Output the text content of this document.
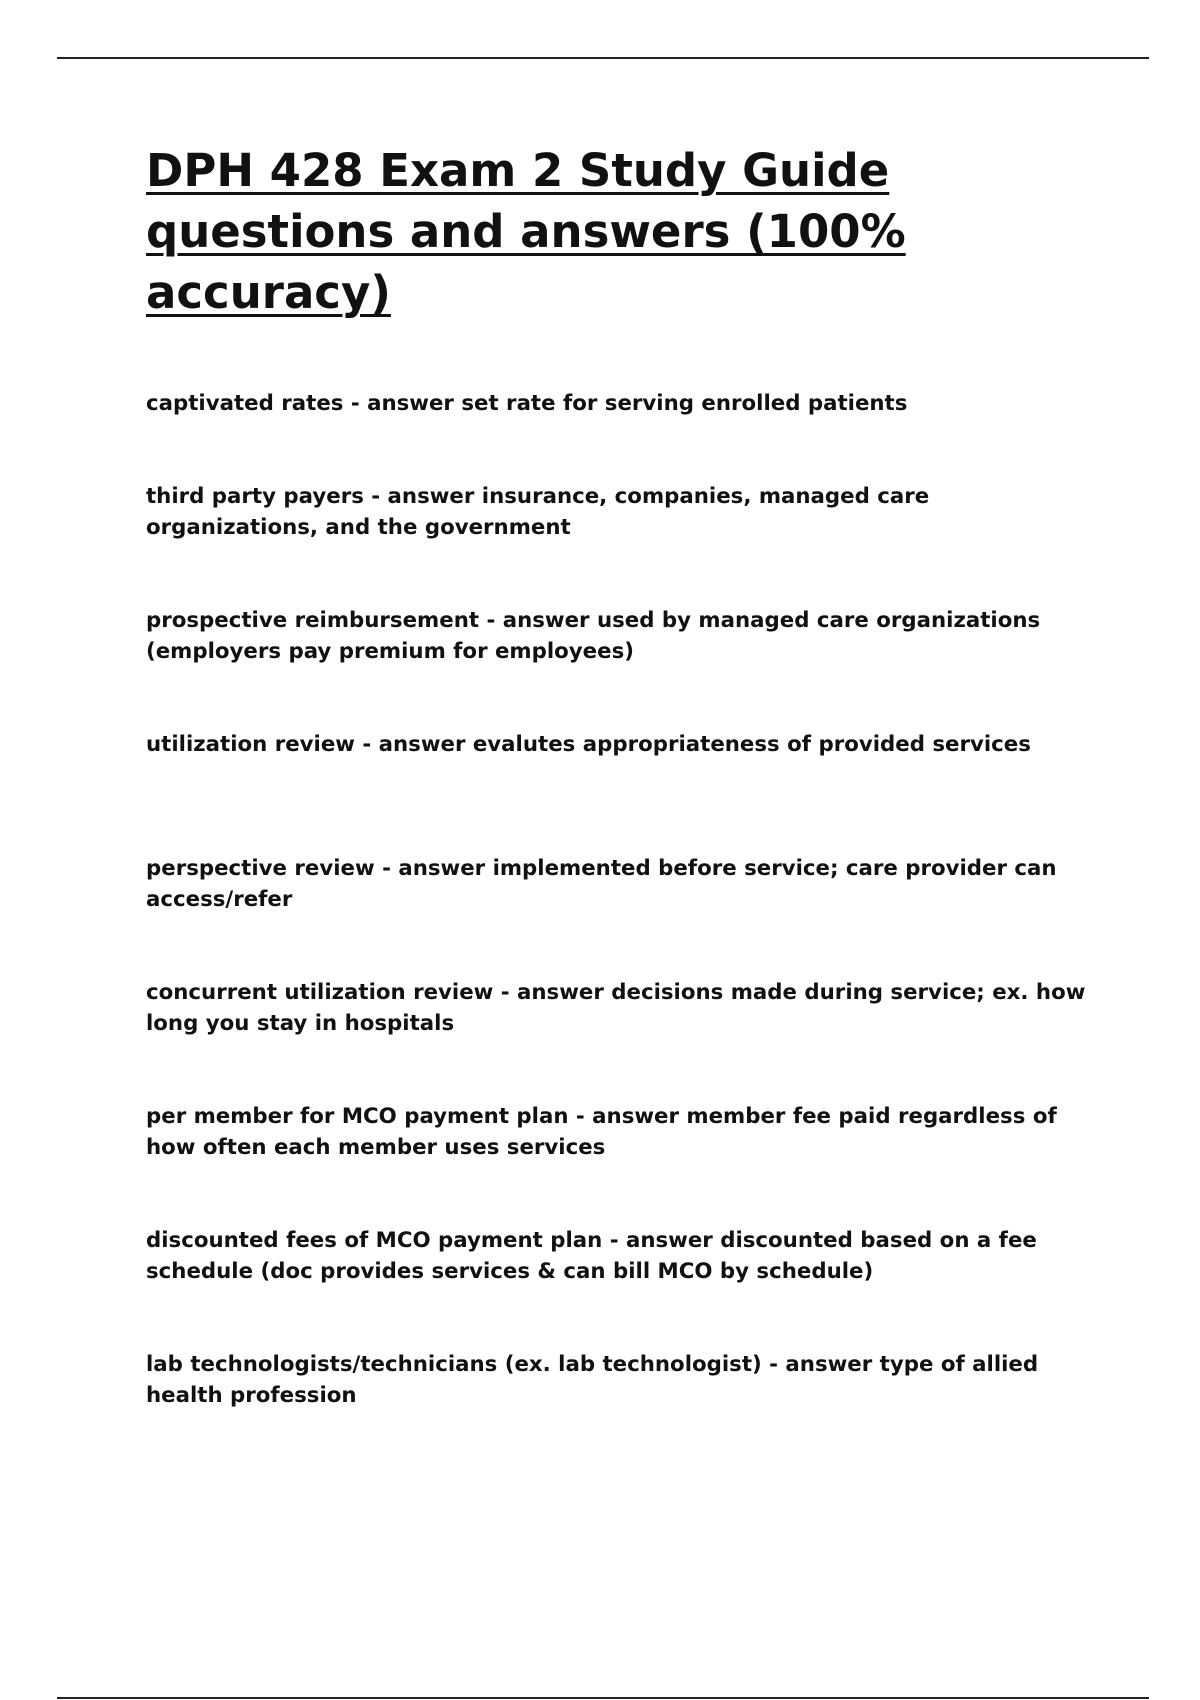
DPH 428 Exam 2 Study Guide questions and answers (100% accuracy)

captivated rates - answer set rate for serving enrolled patients

third party payers - answer insurance, companies, managed care organizations, and the government

prospective reimbursement - answer used by managed care organizations (employers pay premium for employees)

utilization review - answer evalutes appropriateness of provided services

perspective review - answer implemented before service; care provider can access/refer

concurrent utilization review - answer decisions made during service; ex. how long you stay in hospitals

per member for MCO payment plan - answer member fee paid regardless of how often each member uses services

discounted fees of MCO payment plan - answer discounted based on a fee schedule (doc provides services & can bill MCO by schedule)

lab technologists/technicians (ex. lab technologist) - answer type of allied health profession
